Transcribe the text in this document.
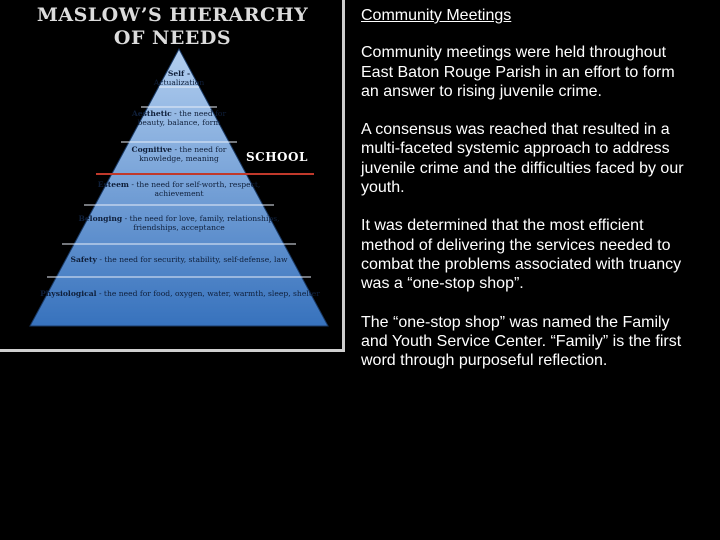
MASLOW’S HIERARCHY
OF NEEDS
Self -
Actualization
Aesthetic - the need for beauty, balance, form
Cognitive - the need for knowledge, meaning
Esteem - the need for self-worth, respect, achievement
Belonging - the need for love, family, relationships, friendships, acceptance
Safety - the need for security, stability, self-defense, law
Physiological - the need for food, oxygen, water, warmth, sleep, shelter
SCHOOL

Community Meetings

Community meetings were held throughout East Baton Rouge Parish in an effort to form an answer to rising juvenile crime.

A consensus was reached that resulted in a multi-faceted systemic approach to address juvenile crime and the difficulties faced by our youth.

It was determined that the most efficient method of delivering the services needed to combat the problems associated with truancy was a “one-stop shop”.

The “one-stop shop” was named the Family and Youth Service Center. “Family” is the first word through purposeful reflection.
